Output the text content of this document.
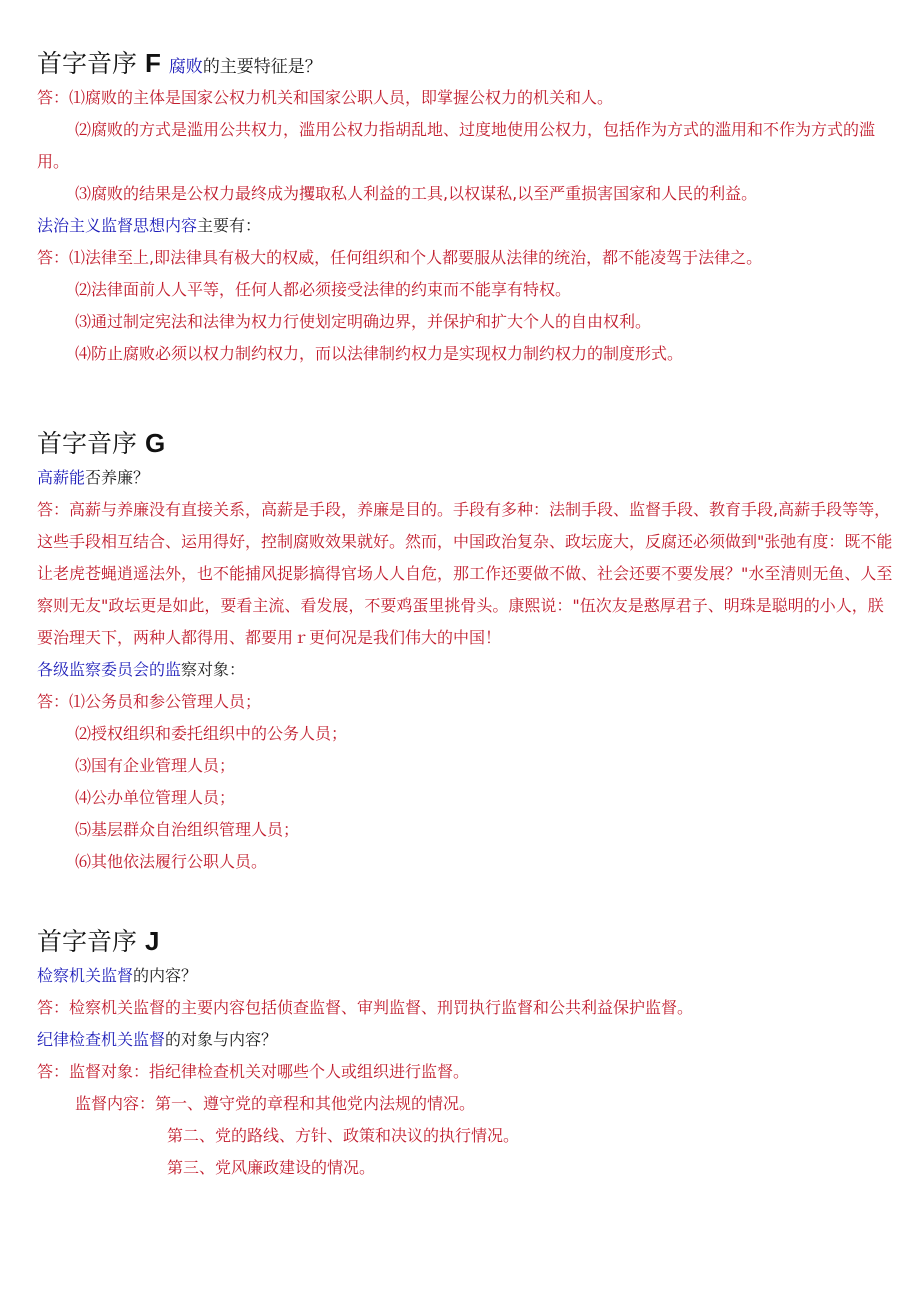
首字音序 F 腐败的主要特征是？

答：⑴腐败的主体是国家公权力机关和国家公职人员，即掌握公权力的机关和人。

⑵腐败的方式是滥用公共权力，滥用公权力指胡乱地、过度地使用公权力，包括作为方式的滥用和不作为方式的滥用。

⑶腐败的结果是公权力最终成为攫取私人利益的工具,以权谋私,以至严重损害国家和人民的利益。

法治主义监督思想内容主要有：

答：⑴法律至上,即法律具有极大的权威，任何组织和个人都要服从法律的统治，都不能凌驾于法律之。

⑵法律面前人人平等，任何人都必须接受法律的约束而不能享有特权。

⑶通过制定宪法和法律为权力行使划定明确边界，并保护和扩大个人的自由权利。

⑷防止腐败必须以权力制约权力，而以法律制约权力是实现权力制约权力的制度形式。

首字音序 G

高薪能否养廉？

答：高薪与养廉没有直接关系，高薪是手段，养廉是目的。手段有多种：法制手段、监督手段、教育手段,高薪手段等等，这些手段相互结合、运用得好，控制腐败效果就好。然而，中国政治复杂、政坛庞大，反腐还必须做到"张弛有度：既不能让老虎苍蝇逍遥法外，也不能捕风捉影搞得官场人人自危，那工作还要做不做、社会还要不要发展？"水至清则无鱼、人至察则无友"政坛更是如此，要看主流、看发展，不要鸡蛋里挑骨头。康熙说："伍次友是憨厚君子、明珠是聪明的小人，朕要治理天下，两种人都得用、都要用ｒ更何况是我们伟大的中国！

各级监察委员会的监察对象：

答：⑴公务员和参公管理人员；

⑵授权组织和委托组织中的公务人员；

⑶国有企业管理人员；

⑷公办单位管理人员；

⑸基层群众自治组织管理人员；

⑹其他依法履行公职人员。

首字音序 J

检察机关监督的内容？

答：检察机关监督的主要内容包括侦查监督、审判监督、刑罚执行监督和公共利益保护监督。

纪律检查机关监督的对象与内容？

答：监督对象：指纪律检查机关对哪些个人或组织进行监督。

监督内容：第一、遵守党的章程和其他党内法规的情况。

第二、党的路线、方针、政策和决议的执行情况。

第三、党风廉政建设的情况。
